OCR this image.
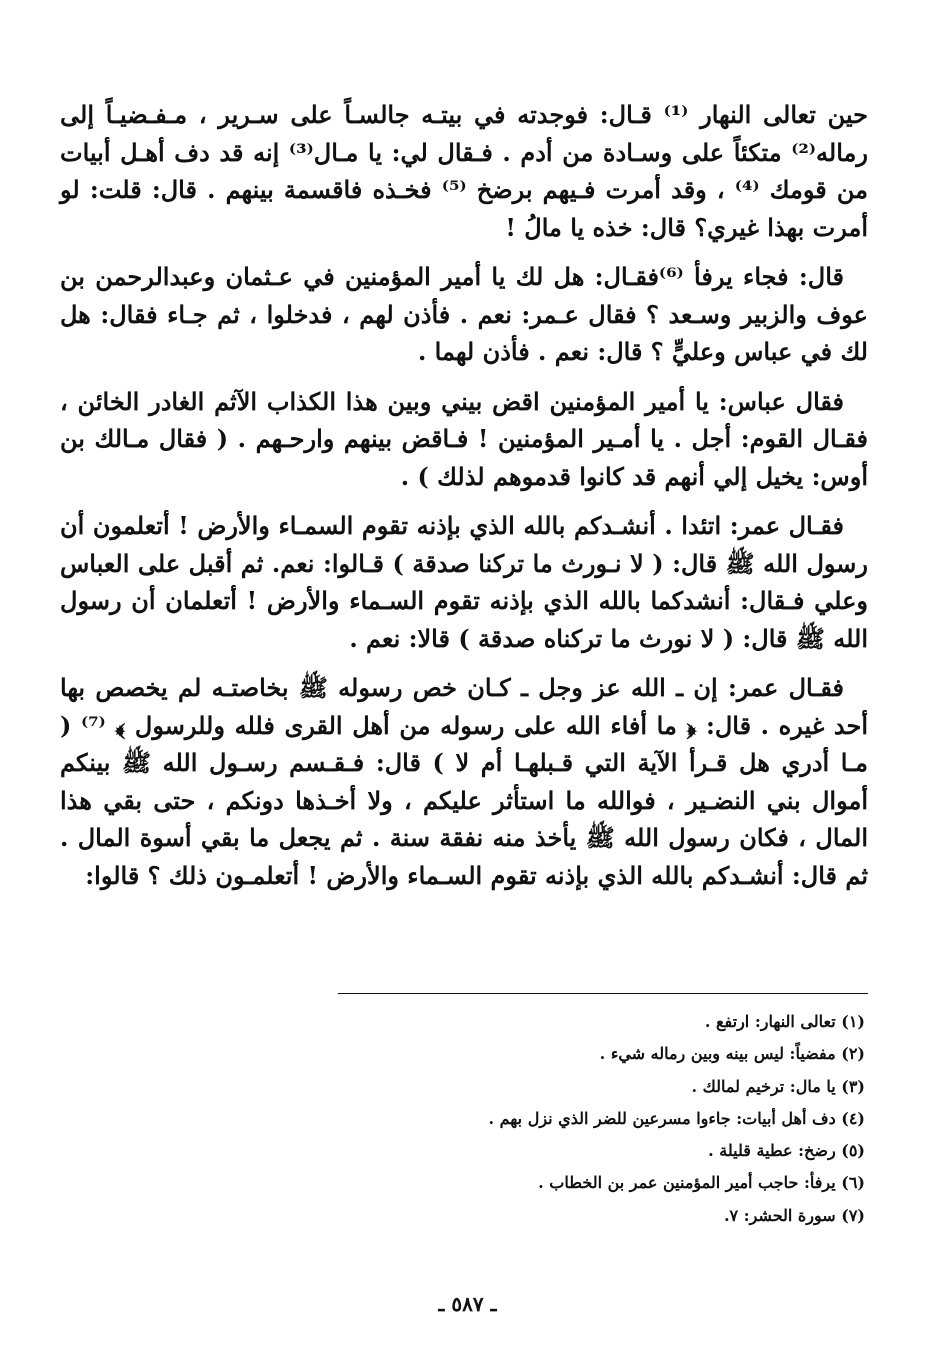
حين تعالى النهار ⁽¹⁾ قـال: فوجدته في بيتـه جالسـاً على سـرير ، مـفـضيـاً إلى رماله⁽²⁾ متكئاً على وسـادة من أدم . فـقال لي: يا مـال⁽³⁾ إنه قد دف أهـل أبيات من قومك ⁽⁴⁾ ، وقد أمرت فـيهم برضخ ⁽⁵⁾ فخـذه فاقسمة بينهم . قال: قلت: لو أمرت بهذا غيري؟ قال: خذه يا مالُ !

قال: فجاء يرفأ ⁽⁶⁾فقـال: هل لك يا أمير المؤمنين في عـثمان وعبدالرحمن بن عوف والزبير وسـعد ؟ فقال عـمر: نعم . فأذن لهم ، فدخلوا ، ثم جـاء فقال: هل لك في عباس وعليٍّ ؟ قال: نعم . فأذن لهما .

فقال عباس: يا أمير المؤمنين اقض بيني وبين هذا الكذاب الآثم الغادر الخائن ، فقـال القوم: أجل . يا أمـير المؤمنين ! فـاقض بينهم وارحـهم . ( فقال مـالك بن أوس: يخيل إلي أنهم قد كانوا قدموهم لذلك ) .

فقـال عمر: اتئدا . أنشـدكم بالله الذي بإذنه تقوم السمـاء والأرض ! أتعلمون أن رسول الله ﷺ قال: ( لا نـورث ما تركنا صدقة ) قـالوا: نعم. ثم أقبل على العباس وعلي فـقال: أنشدكما بالله الذي بإذنه تقوم السـماء والأرض ! أتعلمان أن رسول الله ﷺ قال: ( لا نورث ما تركناه صدقة ) قالا: نعم .

فقـال عمر: إن ـ الله عز وجل ـ كـان خص رسوله ﷺ بخاصتـه لم يخصص بها أحد غيره . قال: ﴿ ما أفاء الله على رسوله من أهل القرى فلله وللرسول ﴾ ⁽⁷⁾ ( مـا أدري هل قـرأ الآية التي قـبلهـا أم لا ) قال: فـقـسم رسـول الله ﷺ بينكم أموال بني النضـير ، فوالله ما استأثر عليكم ، ولا أخـذها دونكم ، حتى بقي هذا المال ، فكان رسول الله ﷺ يأخذ منه نفقة سنة . ثم يجعل ما بقي أسوة المال . ثم قال: أنشـدكم بالله الذي بإذنه تقوم السـماء والأرض ! أتعلمـون ذلك ؟ قالوا:

(١) تعالى النهار: ارتفع .
(٢) مفضياً: ليس بينه وبين رماله شيء .
(٣) يا مال: ترخيم لمالك .
(٤) دف أهل أبيات: جاءوا مسرعين للضر الذي نزل بهم .
(٥) رضخ: عطية قليلة .
(٦) يرفأ: حاجب أمير المؤمنين عمر بن الخطاب .
(٧) سورة الحشر: ٧.
ـ ٥٨٧ ـ
